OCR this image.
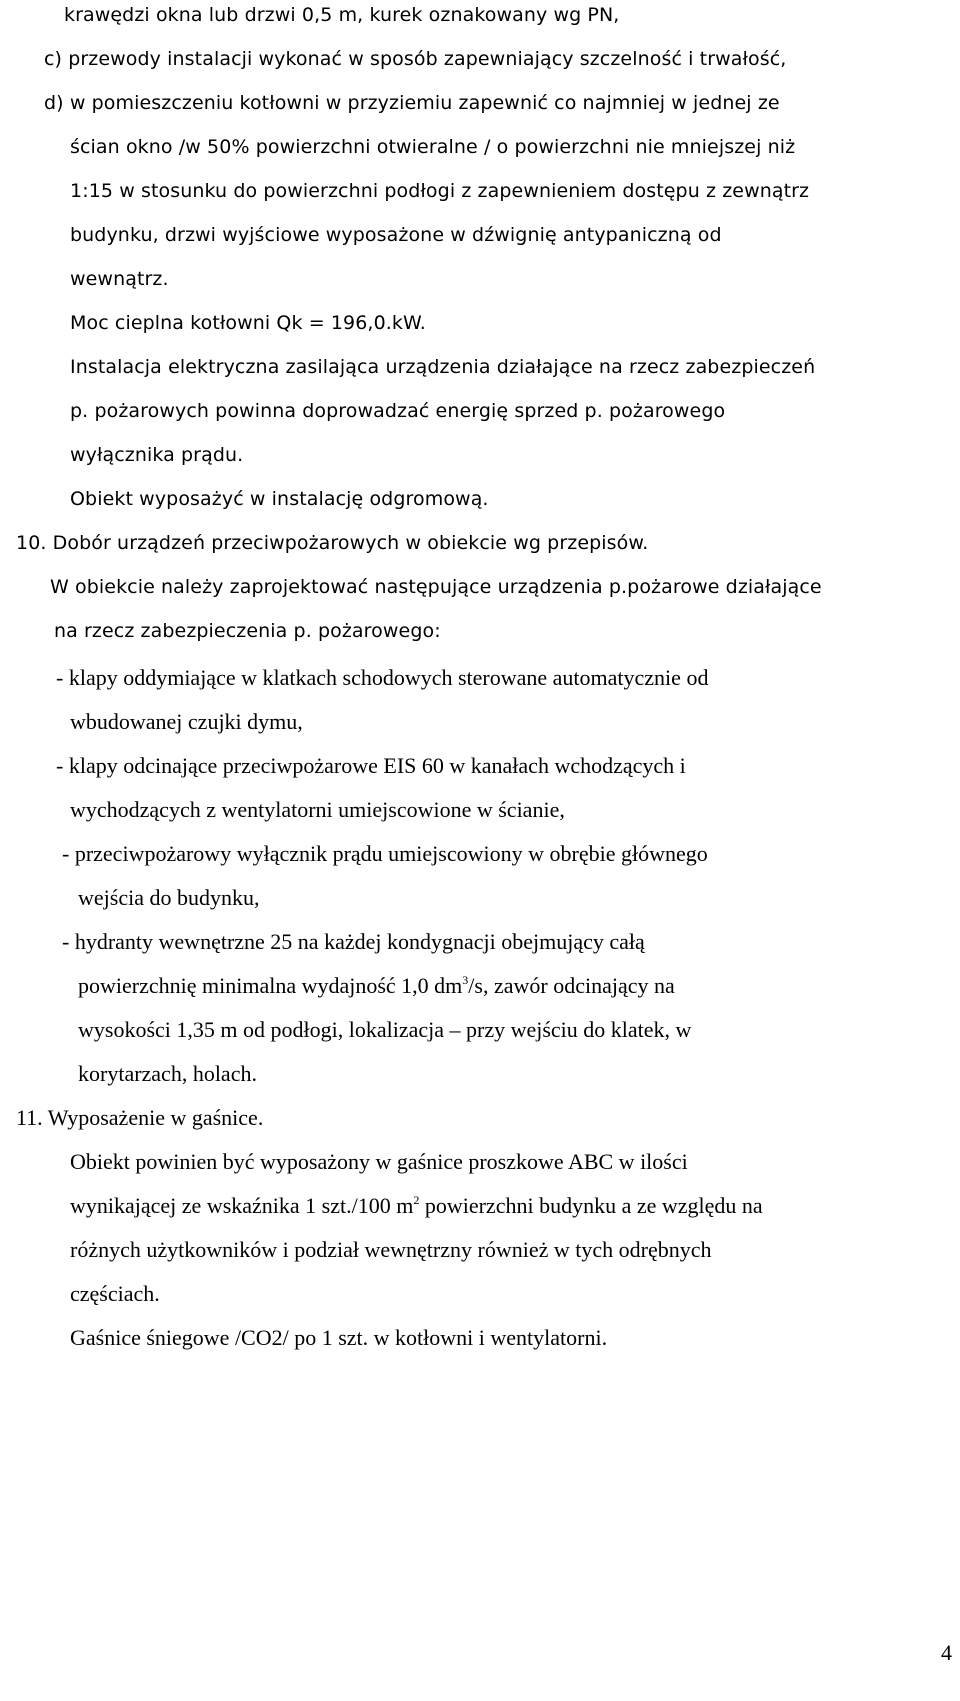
krawędzi okna lub drzwi 0,5 m, kurek oznakowany wg PN,
c) przewody instalacji wykonać w sposób zapewniający szczelność i trwałość,
d) w pomieszczeniu kotłowni w przyziemiu zapewnić co najmniej w jednej ze
ścian okno /w 50% powierzchni otwieralne / o powierzchni nie mniejszej niż
1:15 w stosunku do powierzchni podłogi z zapewnieniem dostępu z zewnątrz
budynku, drzwi wyjściowe wyposażone w dźwignię antypaniczną od
wewnątrz.
Moc cieplna kotłowni Qk = 196,0.kW.
Instalacja elektryczna zasilająca urządzenia działające na rzecz zabezpieczeń
p. pożarowych powinna doprowadzać energię sprzed p. pożarowego
wyłącznika prądu.
Obiekt wyposażyć w instalację odgromową.
10. Dobór urządzeń przeciwpożarowych w obiekcie wg przepisów.
W obiekcie należy zaprojektować następujące urządzenia p.pożarowe działające
na rzecz zabezpieczenia p. pożarowego:
- klapy oddymiające w klatkach schodowych sterowane automatycznie od
wbudowanej czujki dymu,
- klapy odcinające przeciwpożarowe EIS 60 w kanałach wchodzących i
wychodzących z wentylatorni umiejscowione w ścianie,
- przeciwpożarowy wyłącznik prądu umiejscowiony w obrębie głównego
wejścia do budynku,
- hydranty wewnętrzne 25 na każdej kondygnacji obejmujący całą
powierzchnię minimalna wydajność 1,0 $dm^3/s$, zawór odcinający na
wysokości 1,35 m od podłogi, lokalizacja – przy wejściu do klatek, w
korytarzach, holach.
11. Wyposażenie w gaśnice.
Obiekt powinien być wyposażony w gaśnice proszkowe ABC w ilości
wynikającej ze wskaźnika 1 szt./100 $m^2$ powierzchni budynku a ze względu na
różnych użytkowników i podział wewnętrzny również w tych odrębnych
częściach.
Gaśnice śniegowe /CO2/ po 1 szt. w kotłowni i wentylatorni.
4
